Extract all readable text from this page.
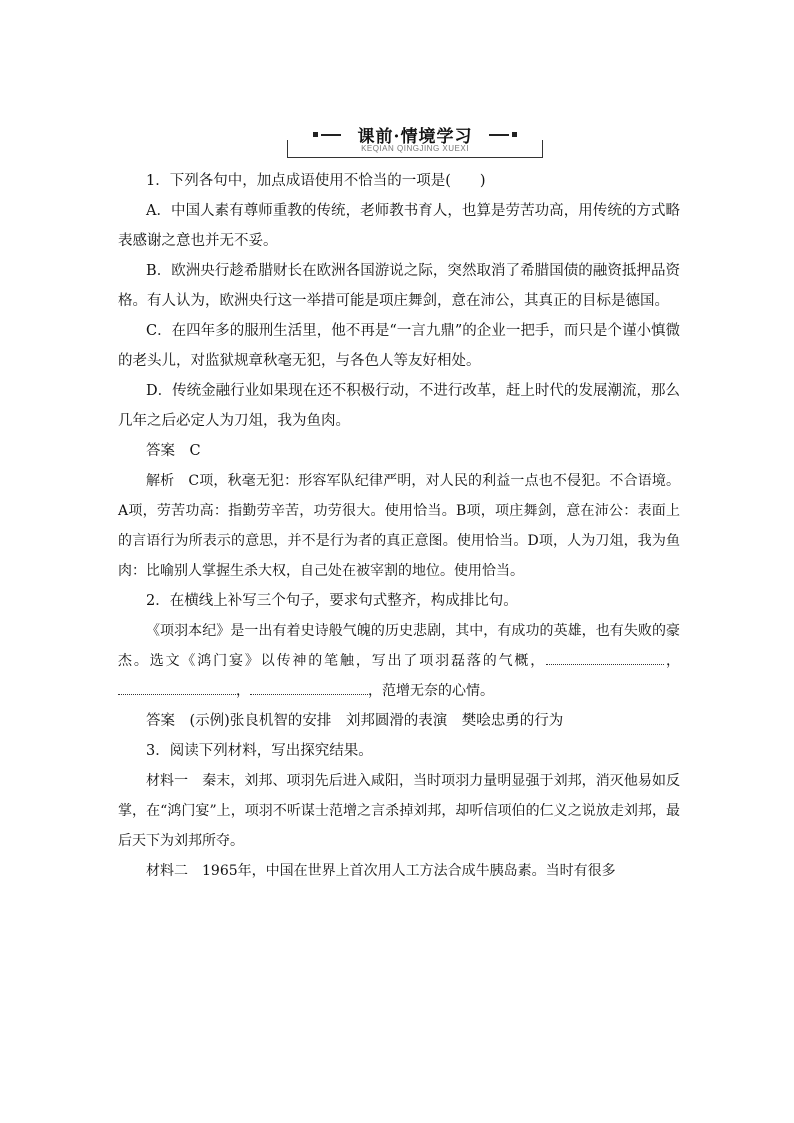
课前·情境学习
KEQIAN QINGJING XUEXI

1．下列各句中，加点成语使用不恰当的一项是(　　)

A．中国人素有尊师重教的传统，老师教书育人，也算是劳苦功高，用传统的方式略表感谢之意也并无不妥。

B．欧洲央行趁希腊财长在欧洲各国游说之际，突然取消了希腊国债的融资抵押品资格。有人认为，欧洲央行这一举措可能是项庄舞剑，意在沛公，其真正的目标是德国。

C．在四年多的服刑生活里，他不再是“一言九鼎”的企业一把手，而只是个谨小慎微的老头儿，对监狱规章秋毫无犯，与各色人等友好相处。

D．传统金融行业如果现在还不积极行动，不进行改革，赶上时代的发展潮流，那么几年之后必定人为刀俎，我为鱼肉。

答案　C

解析　C项，秋毫无犯：形容军队纪律严明，对人民的利益一点也不侵犯。不合语境。A项，劳苦功高：指勤劳辛苦，功劳很大。使用恰当。B项，项庄舞剑，意在沛公：表面上的言语行为所表示的意思，并不是行为者的真正意图。使用恰当。D项，人为刀俎，我为鱼肉：比喻别人掌握生杀大权，自己处在被宰割的地位。使用恰当。

2．在横线上补写三个句子，要求句式整齐，构成排比句。

《项羽本纪》是一出有着史诗般气魄的历史悲剧，其中，有成功的英雄，也有失败的豪杰。选文《鸿门宴》以传神的笔触，写出了项羽磊落的气概，	，，	，范增无奈的心情。

答案　(示例)张良机智的安排　刘邦圆滑的表演　樊哙忠勇的行为

3．阅读下列材料，写出探究结果。

材料一　秦末，刘邦、项羽先后进入咸阳，当时项羽力量明显强于刘邦，消灭他易如反掌，在“鸿门宴”上，项羽不听谋士范增之言杀掉刘邦，却听信项伯的仁义之说放走刘邦，最后天下为刘邦所夺。

材料二　1965年，中国在世界上首次用人工方法合成牛胰岛素。当时有很多
